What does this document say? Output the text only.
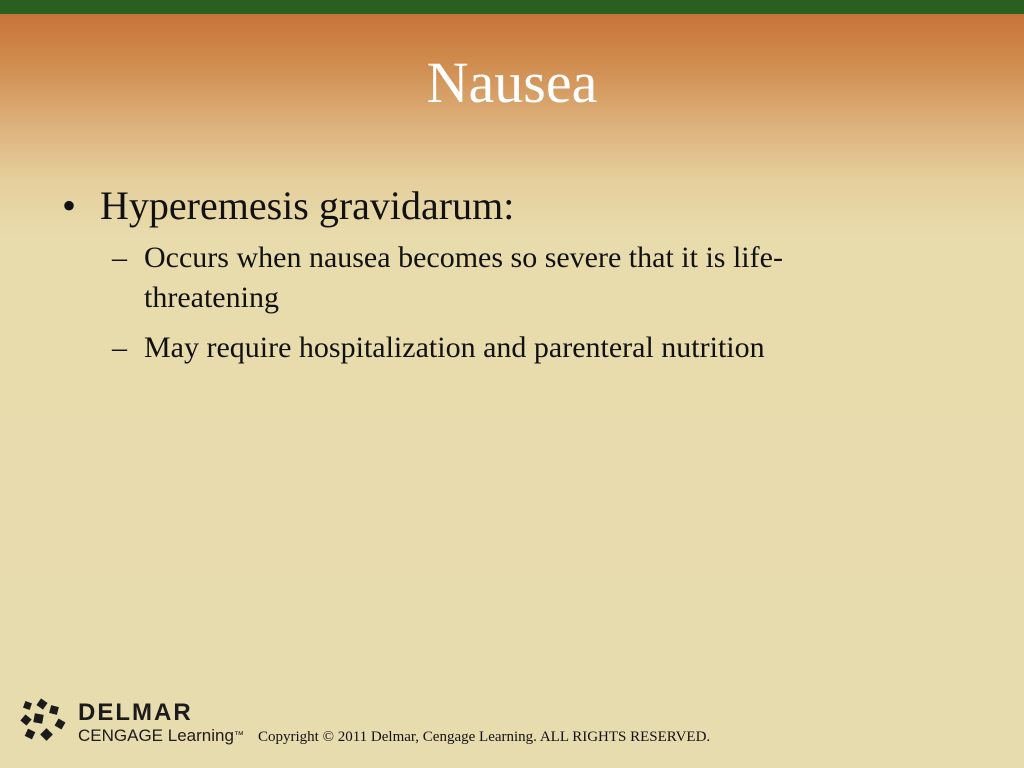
Nausea
• Hyperemesis gravidarum:
– Occurs when nausea becomes so severe that it is life-threatening
– May require hospitalization and parenteral nutrition
DELMAR
CENGAGE Learning™ Copyright © 2011 Delmar, Cengage Learning. ALL RIGHTS RESERVED.
